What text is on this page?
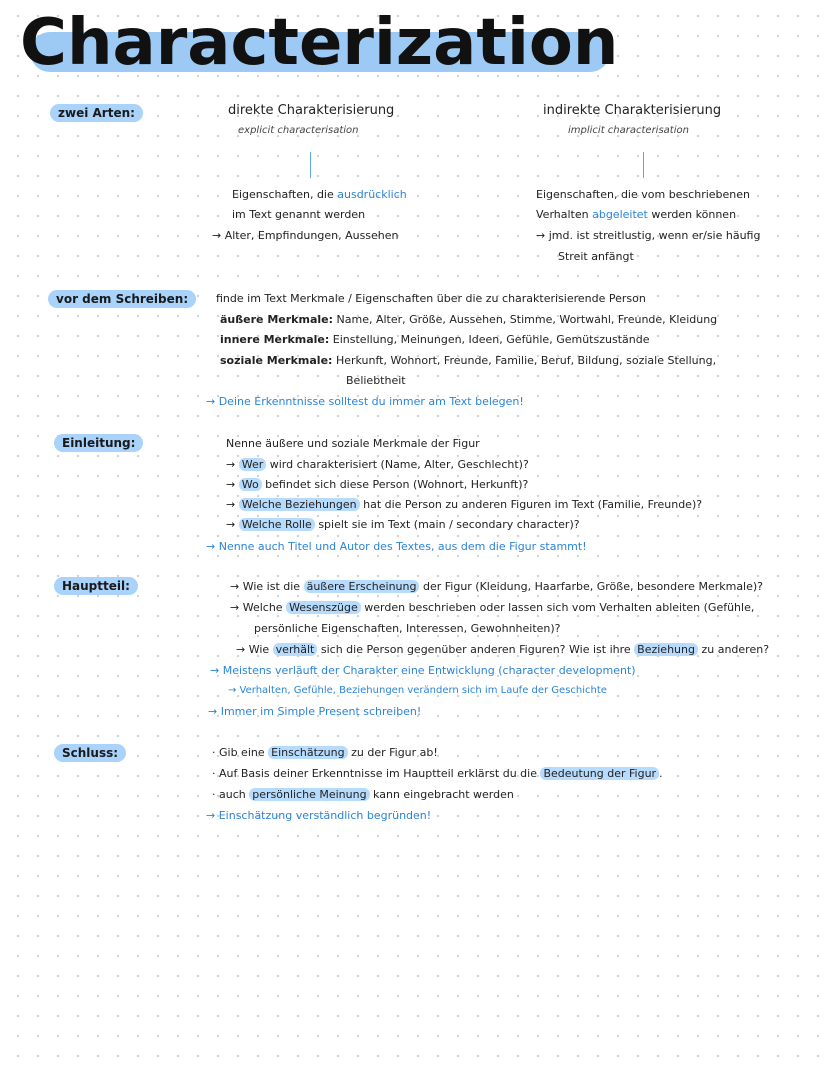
Characterization
zwei Arten:	direkte Charakterisierung
explicit characterisation
Eigenschaften, die ausdrücklich
im Text genannt werden
→ Alter, Empfindungen, Aussehen
indirekte Charakterisierung
implicit characterisation
Eigenschaften, die vom beschriebenen
Verhalten abgeleitet werden können
→ jmd. ist streitlustig, wenn er/sie häufig
Streit anfängt
vor dem Schreiben:	finde im Text Merkmale / Eigenschaften über die zu charakterisierende Person
äußere Merkmale: Name, Alter, Größe, Aussehen, Stimme, Wortwahl, Freunde, Kleidung
innere Merkmale: Einstellung, Meinungen, Ideen, Gefühle, Gemütszustände
soziale Merkmale: Herkunft, Wohnort, Freunde, Familie, Beruf, Bildung, soziale Stellung,
Beliebtheit
→ Deine Erkenntnisse solltest du immer am Text belegen!
Einleitung:	Nenne äußere und soziale Merkmale der Figur
→ Wer wird charakterisiert (Name, Alter, Geschlecht)?
→ Wo befindet sich diese Person (Wohnort, Herkunft)?
→ Welche Beziehungen hat die Person zu anderen Figuren im Text (Familie, Freunde)?
→ Welche Rolle spielt sie im Text (main / secondary character)?
→ Nenne auch Titel und Autor des Textes, aus dem die Figur stammt!
Hauptteil:	→ Wie ist die äußere Erscheinung der Figur (Kleidung, Haarfarbe, Größe, besondere Merkmale)?
→ Welche Wesenszüge werden beschrieben oder lassen sich vom Verhalten ableiten (Gefühle,
persönliche Eigenschaften, Interessen, Gewohnheiten)?
→ Wie verhält sich die Person gegenüber anderen Figuren? Wie ist ihre Beziehung zu anderen?
→ Meistens verläuft der Charakter eine Entwicklung (character development)
→ Verhalten, Gefühle, Beziehungen verändern sich im Laufe der Geschichte
→ Immer im Simple Present schreiben!
Schluss:	· Gib eine Einschätzung zu der Figur ab!
· Auf Basis deiner Erkenntnisse im Hauptteil erklärst du die Bedeutung der Figur .
· auch persönliche Meinung kann eingebracht werden
→ Einschätzung verständlich begründen!
